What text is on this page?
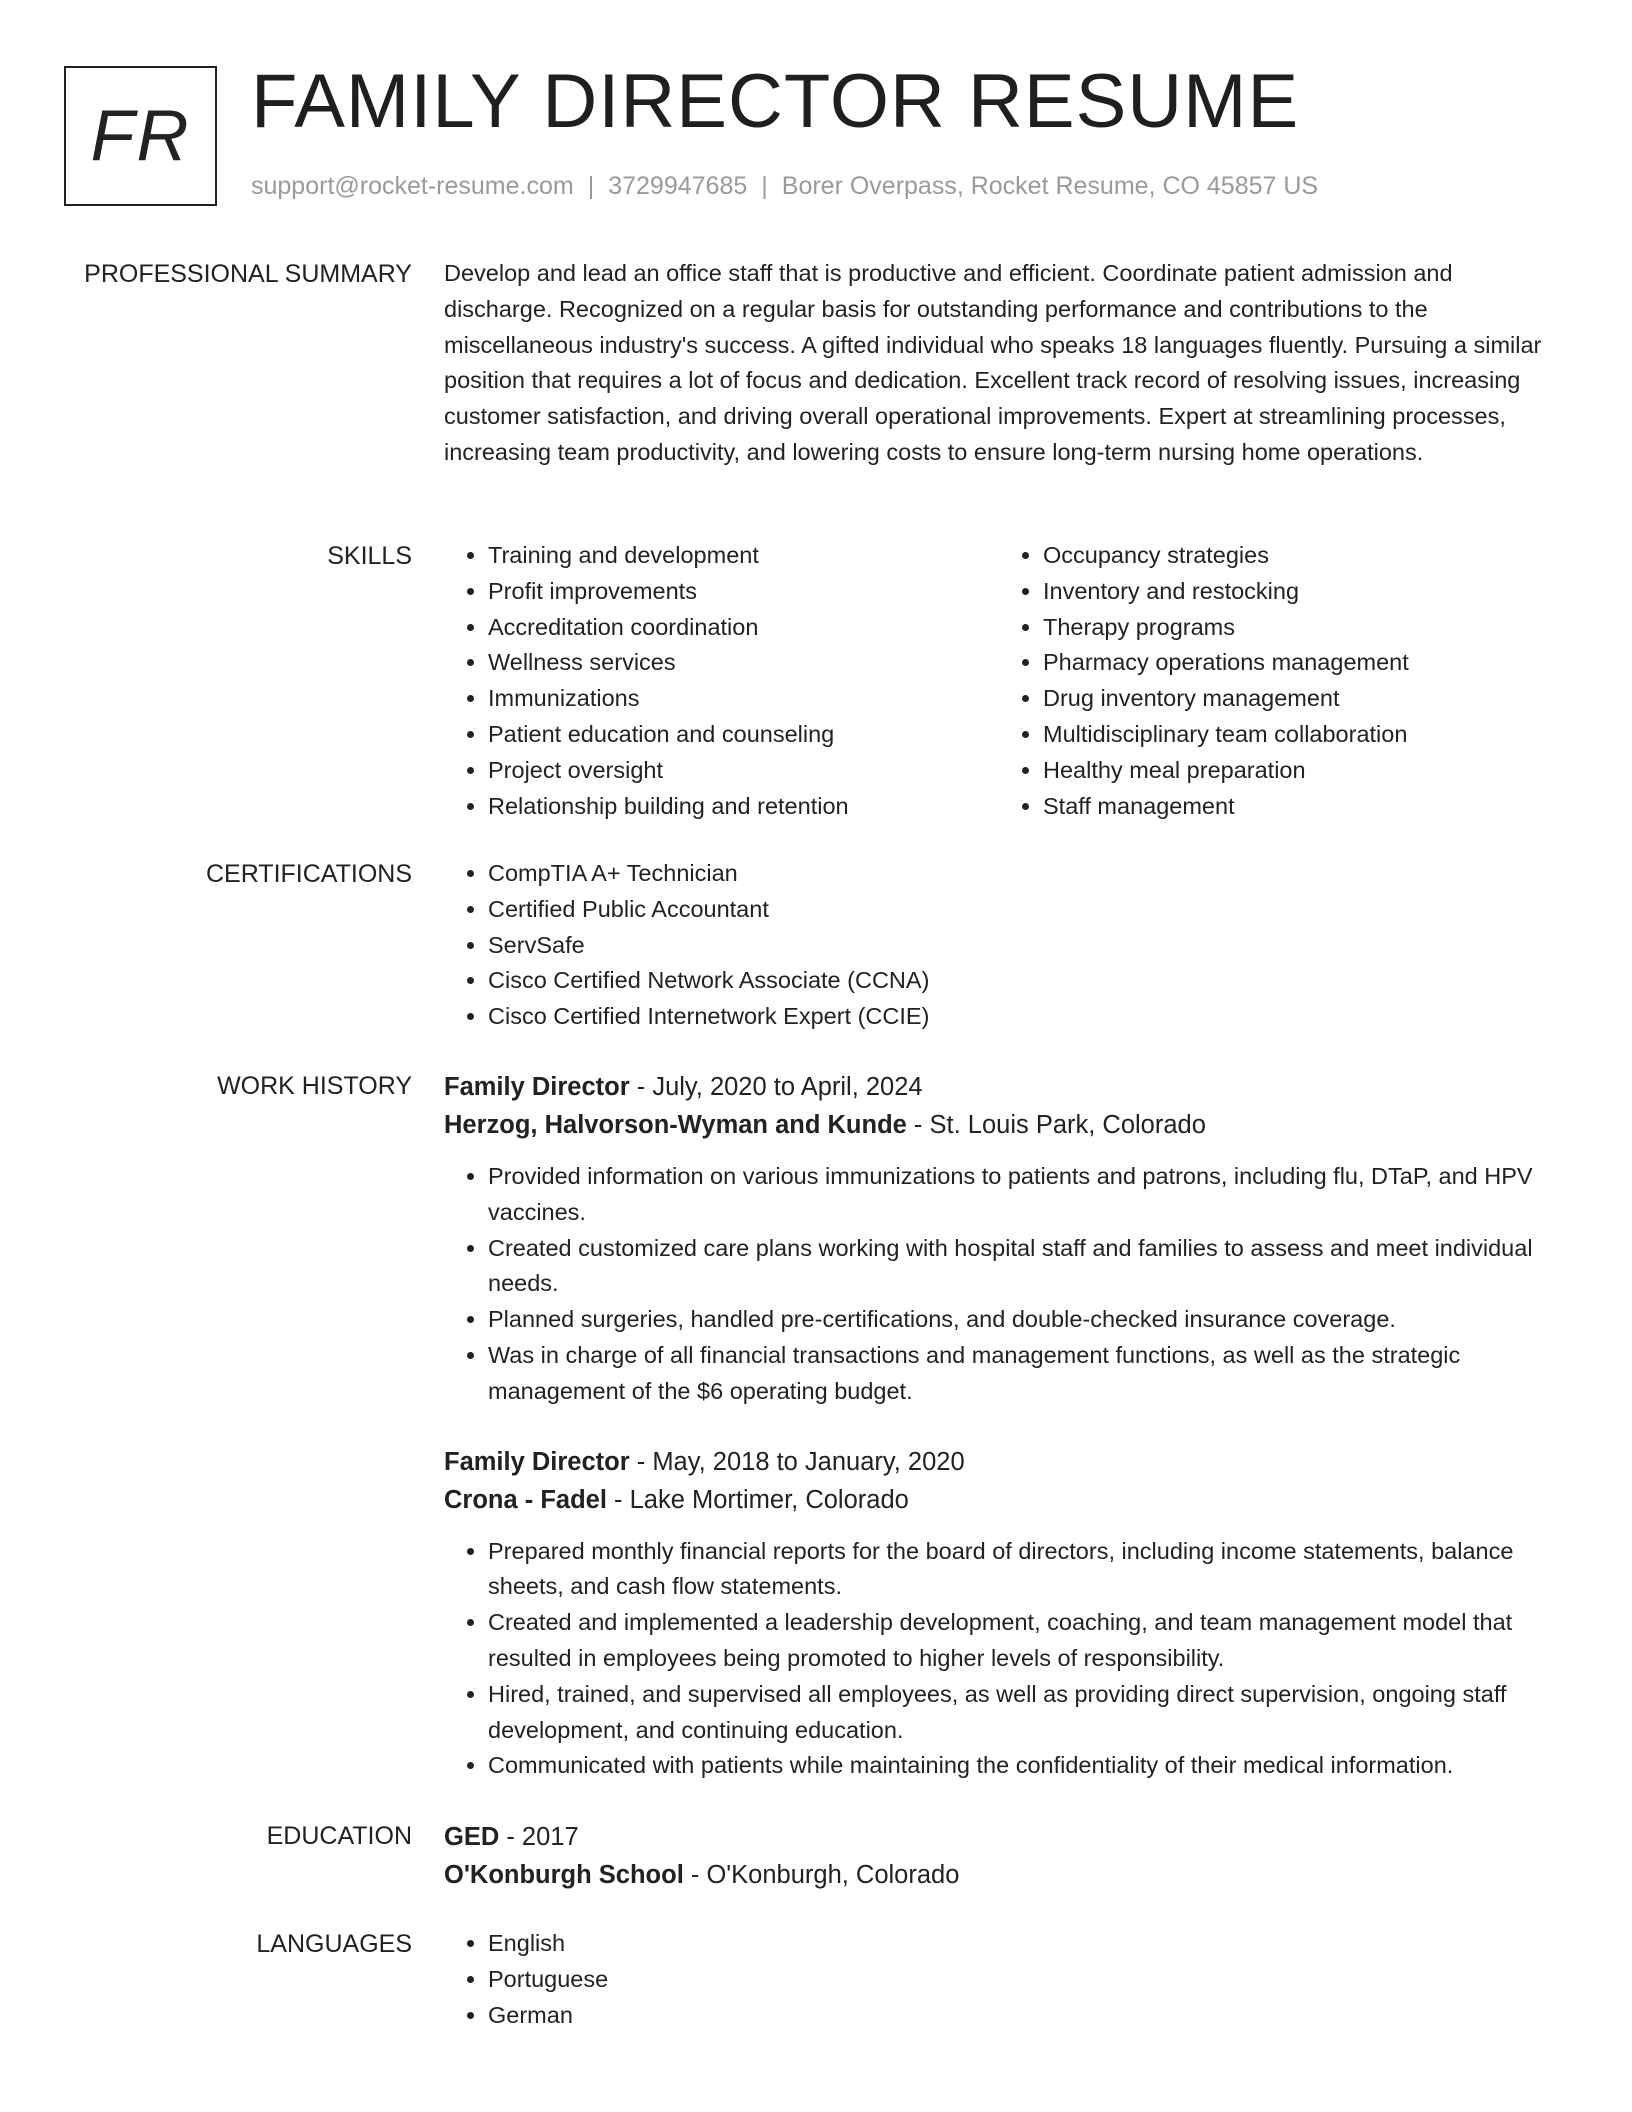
FR FAMILY DIRECTOR RESUME
support@rocket-resume.com | 3729947685 | Borer Overpass, Rocket Resume, CO 45857 US
PROFESSIONAL SUMMARY Develop and lead an office staff that is productive and efficient. Coordinate patient admission and discharge. Recognized on a regular basis for outstanding performance and contributions to the miscellaneous industry's success. A gifted individual who speaks 18 languages fluently. Pursuing a similar position that requires a lot of focus and dedication. Excellent track record of resolving issues, increasing customer satisfaction, and driving overall operational improvements. Expert at streamlining processes, increasing team productivity, and lowering costs to ensure long-term nursing home operations.
SKILLS	• Training and development
• Profit improvements
• Accreditation coordination
• Wellness services
• Immunizations
• Patient education and counseling
• Project oversight
• Relationship building and retention
• Occupancy strategies
• Inventory and restocking
• Therapy programs
• Pharmacy operations management
• Drug inventory management
• Multidisciplinary team collaboration
• Healthy meal preparation
• Staff management
CERTIFICATIONS	• CompTIA A+ Technician
• Certified Public Accountant
• ServSafe
• Cisco Certified Network Associate (CCNA)
• Cisco Certified Internetwork Expert (CCIE)
WORK HISTORY Family Director - July, 2020 to April, 2024
Herzog, Halvorson-Wyman and Kunde - St. Louis Park, Colorado
• Provided information on various immunizations to patients and patrons, including flu, DTaP, and HPV vaccines.
• Created customized care plans working with hospital staff and families to assess and meet individual needs.
• Planned surgeries, handled pre-certifications, and double-checked insurance coverage.
• Was in charge of all financial transactions and management functions, as well as the strategic management of the $6 operating budget.
Family Director - May, 2018 to January, 2020
Crona - Fadel - Lake Mortimer, Colorado
• Prepared monthly financial reports for the board of directors, including income statements, balance sheets, and cash flow statements.
• Created and implemented a leadership development, coaching, and team management model that resulted in employees being promoted to higher levels of responsibility.
• Hired, trained, and supervised all employees, as well as providing direct supervision, ongoing staff development, and continuing education.
• Communicated with patients while maintaining the confidentiality of their medical information.
EDUCATION GED - 2017
O'Konburgh School - O'Konburgh, Colorado
LANGUAGES	• English
• Portuguese
• German
